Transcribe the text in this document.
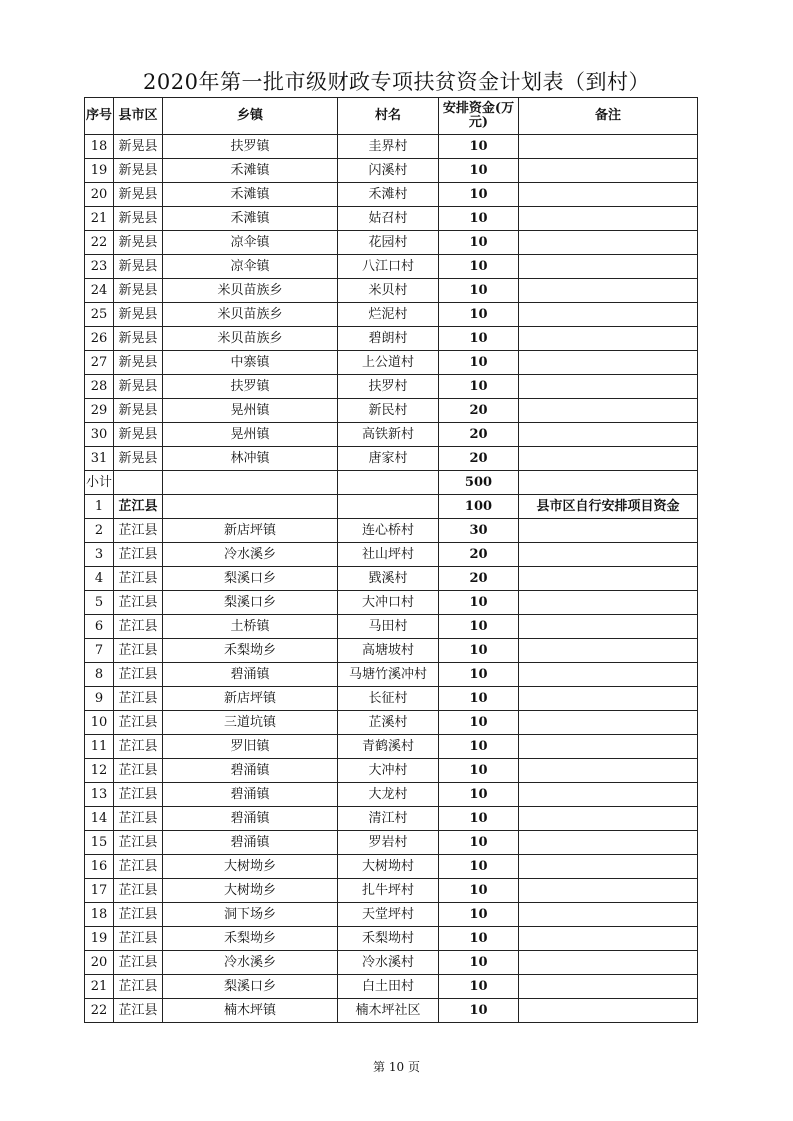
2020年第一批市级财政专项扶贫资金计划表（到村）
序号	县市区	乡镇	村名	安排资金(万元)	备注
18	新晃县	扶罗镇	圭界村	10	
19	新晃县	禾滩镇	闪溪村	10	
20	新晃县	禾滩镇	禾滩村	10	
21	新晃县	禾滩镇	姑召村	10	
22	新晃县	凉伞镇	花园村	10	
23	新晃县	凉伞镇	八江口村	10	
24	新晃县	米贝苗族乡	米贝村	10	
25	新晃县	米贝苗族乡	烂泥村	10	
26	新晃县	米贝苗族乡	碧朗村	10	
27	新晃县	中寨镇	上公道村	10	
28	新晃县	扶罗镇	扶罗村	10	
29	新晃县	晃州镇	新民村	20	
30	新晃县	晃州镇	高铁新村	20	
31	新晃县	林冲镇	唐家村	20	
小计				500	
1	芷江县			100	县市区自行安排项目资金
2	芷江县	新店坪镇	连心桥村	30	
3	芷江县	冷水溪乡	社山坪村	20	
4	芷江县	梨溪口乡	戥溪村	20	
5	芷江县	梨溪口乡	大冲口村	10	
6	芷江县	土桥镇	马田村	10	
7	芷江县	禾梨坳乡	高塘坡村	10	
8	芷江县	碧涌镇	马塘竹溪冲村	10	
9	芷江县	新店坪镇	长征村	10	
10	芷江县	三道坑镇	芷溪村	10	
11	芷江县	罗旧镇	青鹤溪村	10	
12	芷江县	碧涌镇	大冲村	10	
13	芷江县	碧涌镇	大龙村	10	
14	芷江县	碧涌镇	清江村	10	
15	芷江县	碧涌镇	罗岩村	10	
16	芷江县	大树坳乡	大树坳村	10	
17	芷江县	大树坳乡	扎牛坪村	10	
18	芷江县	洞下场乡	天堂坪村	10	
19	芷江县	禾梨坳乡	禾梨坳村	10	
20	芷江县	冷水溪乡	冷水溪村	10	
21	芷江县	梨溪口乡	白土田村	10	
22	芷江县	楠木坪镇	楠木坪社区	10	
第 10 页
